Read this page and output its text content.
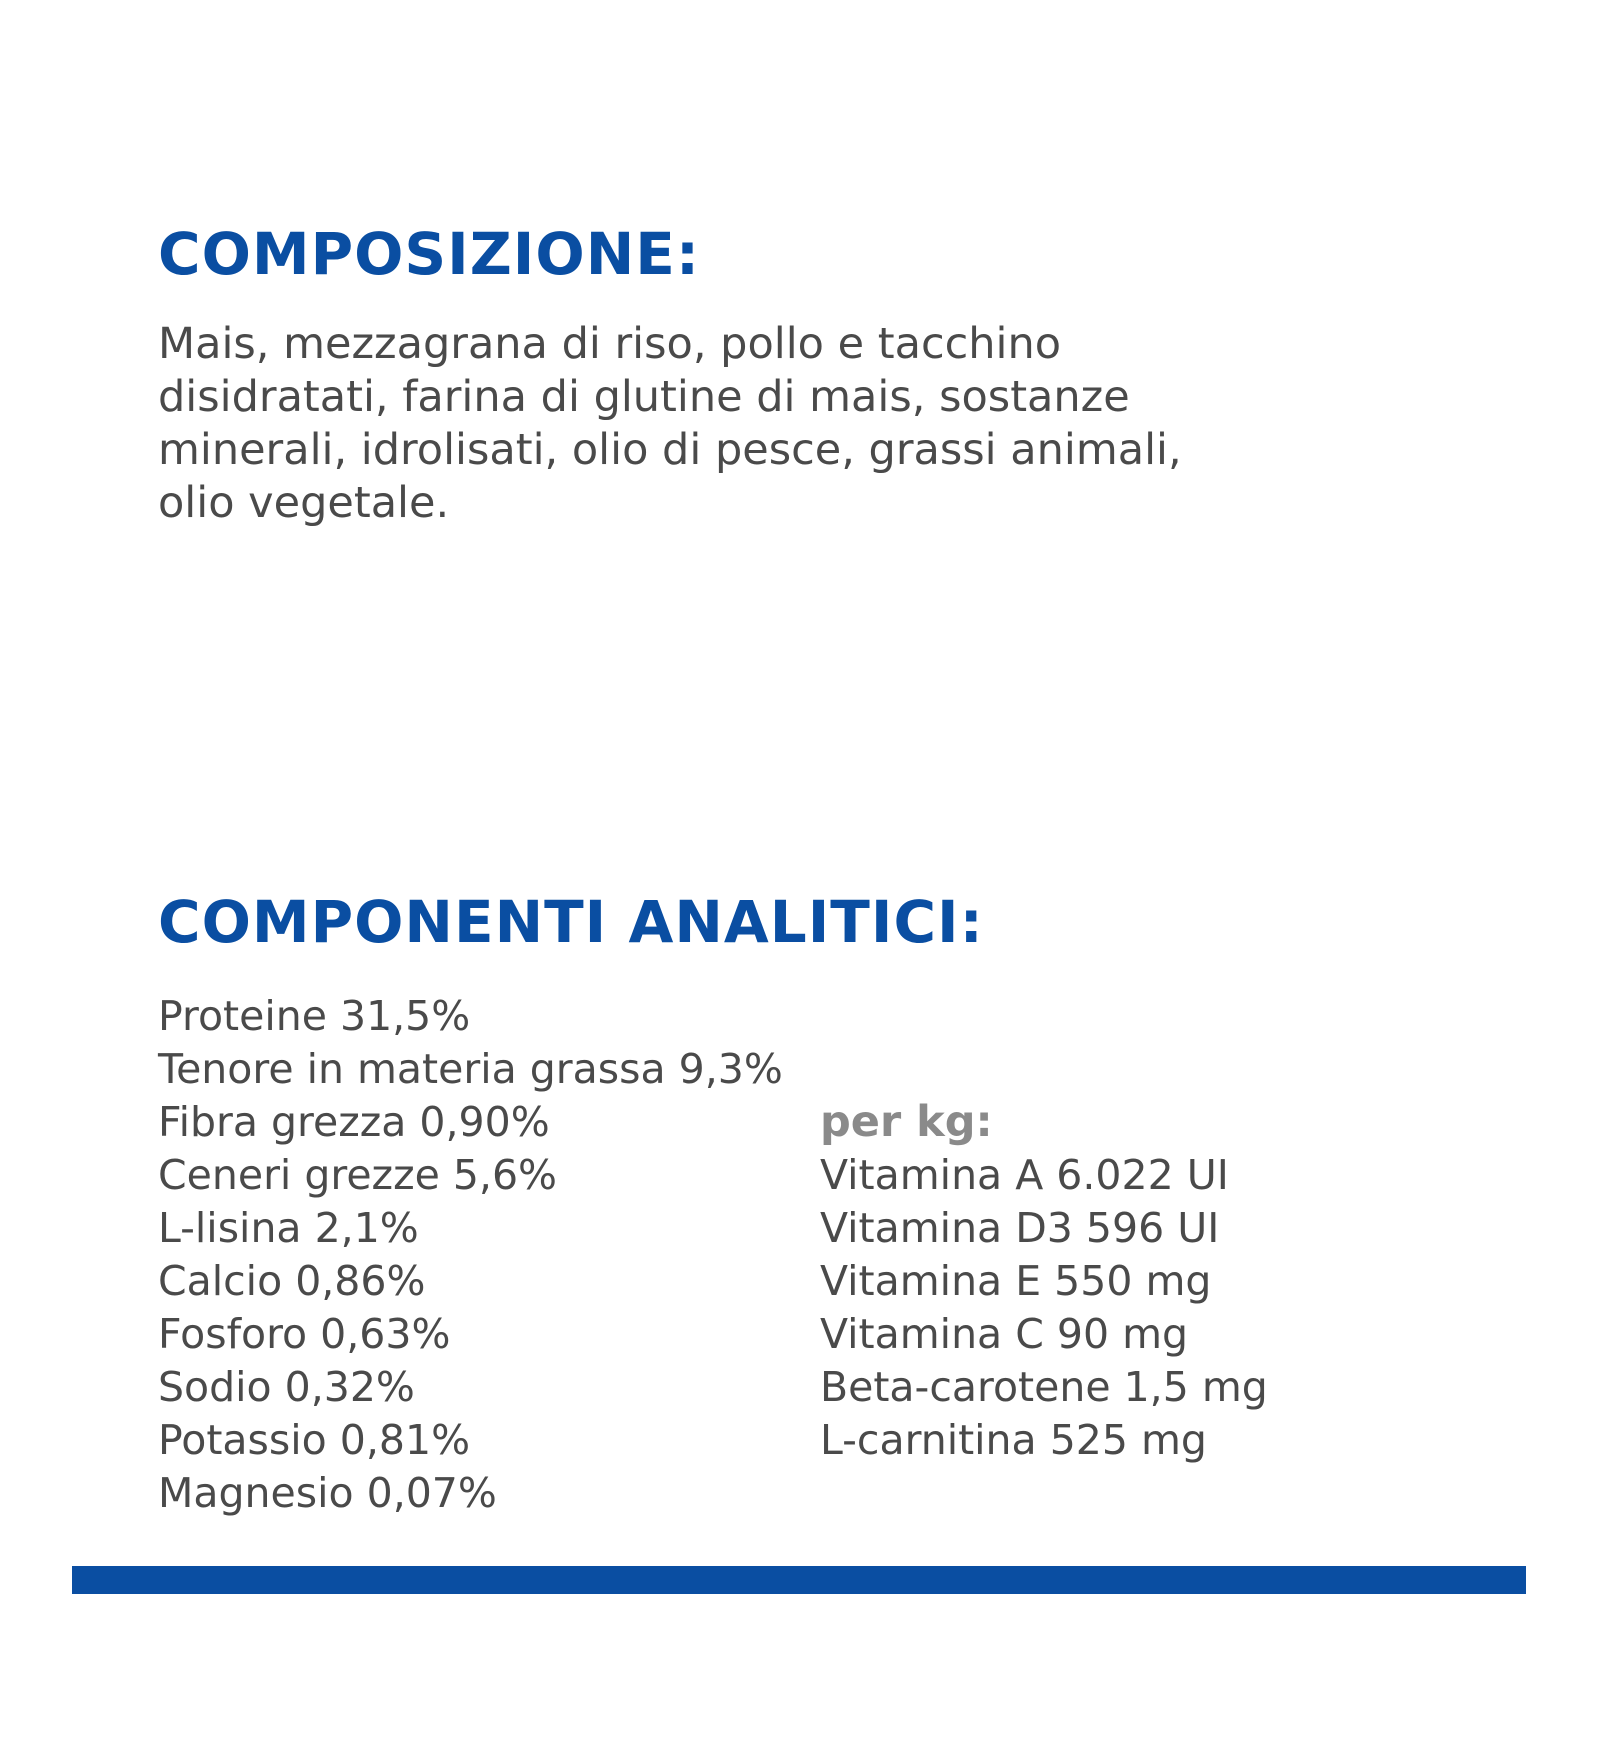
COMPOSIZIONE:

Mais, mezzagrana di riso, pollo e tacchino
disidratati, farina di glutine di mais, sostanze
minerali, idrolisati, olio di pesce, grassi animali,
olio vegetale.

COMPONENTI ANALITICI:
Proteine 31,5%
Tenore in materia grassa 9,3%
Fibra grezza 0,90%
Ceneri grezze 5,6%
L-lisina 2,1%
Calcio 0,86%
Fosforo 0,63%
Sodio 0,32%
Potassio 0,81%
Magnesio 0,07%
per kg:
Vitamina A 6.022 UI
Vitamina D3 596 UI
Vitamina E 550 mg
Vitamina C 90 mg
Beta-carotene 1,5 mg
L-carnitina 525 mg
